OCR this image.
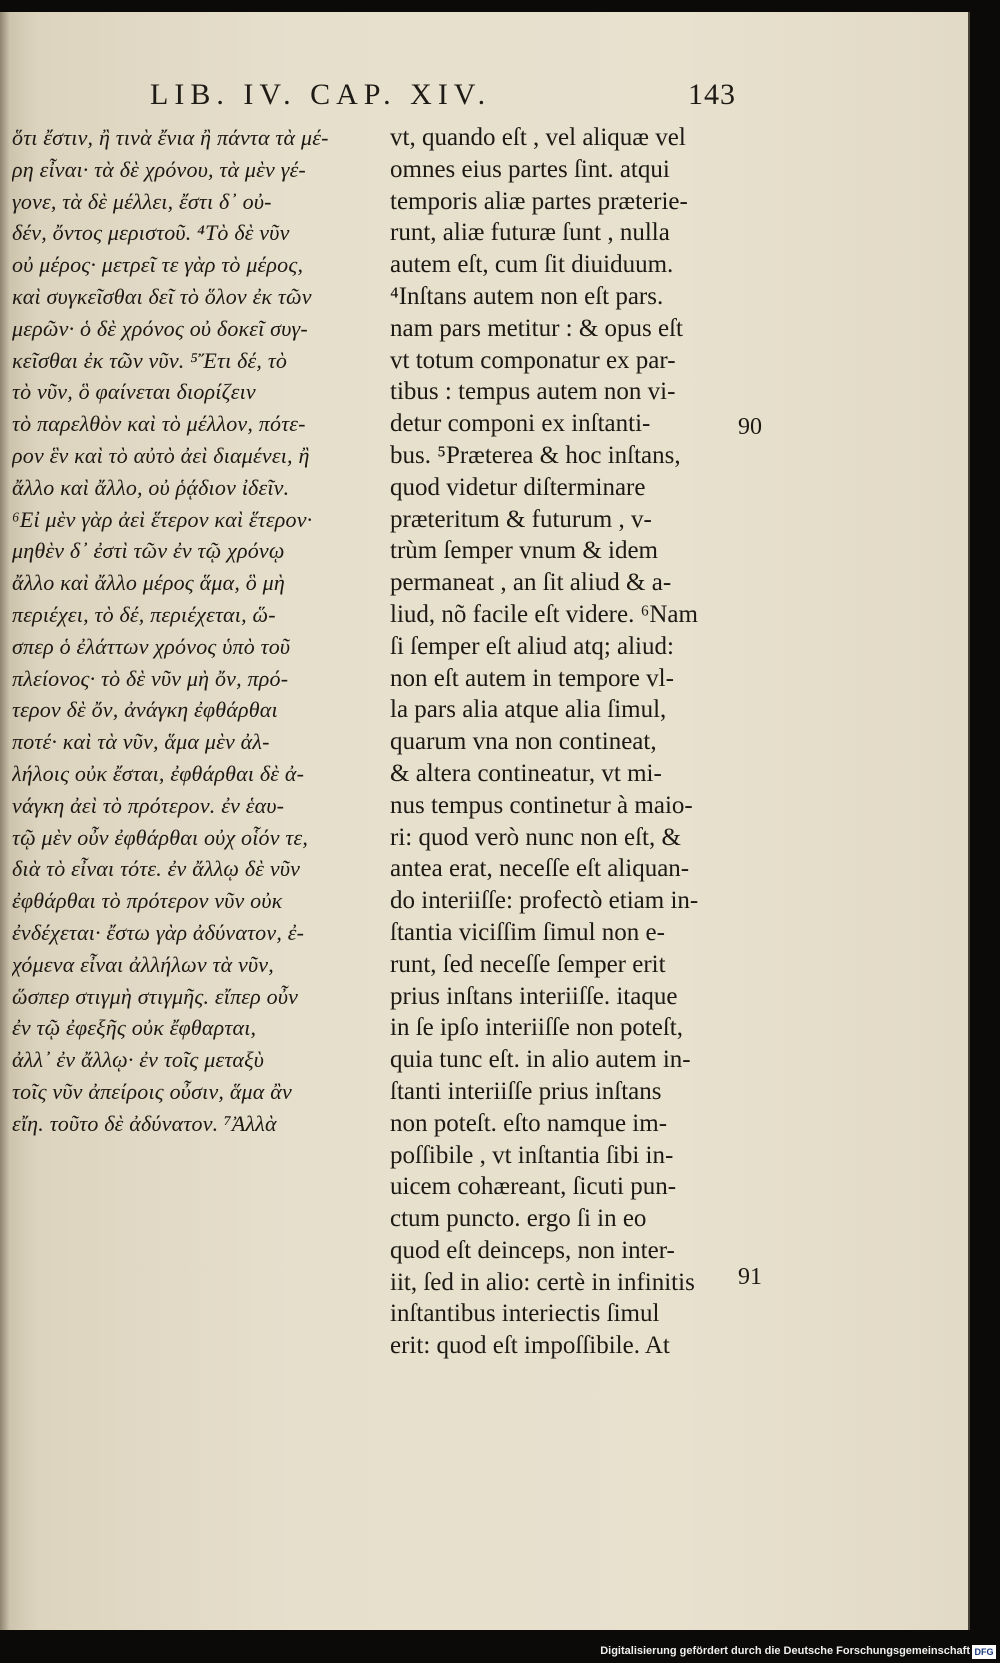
LIB. IV. CAP. XIV.	143
ὅτι ἔστιν, ἢ τινὰ ἔνια ἢ πάντα τὰ μέ-
ρη εἶναι· τὰ δὲ χρόνου, τὰ μὲν γέ-
γονε, τὰ δὲ μέλλει, ἔστι δ᾽ οὐ-
δέν, ὄντος μεριστοῦ. ⁴Τὸ δὲ νῦν
οὐ μέρος· μετρεῖ τε γὰρ τὸ μέρος,
καὶ συγκεῖσθαι δεῖ τὸ ὅλον ἐκ τῶν
μερῶν· ὁ δὲ χρόνος οὐ δοκεῖ συγ-
κεῖσθαι ἐκ τῶν νῦν. ⁵Ἔτι δέ, τὸ
τὸ νῦν, ὃ φαίνεται διορίζειν
τὸ παρελθὸν καὶ τὸ μέλλον, πότε-
ρον ἓν καὶ τὸ αὐτὸ ἀεὶ διαμένει, ἢ
ἄλλο καὶ ἄλλο, οὐ ῥᾴδιον ἰδεῖν.
⁶Εἰ μὲν γὰρ ἀεὶ ἕτερον καὶ ἕτερον·
μηθὲν δ᾽ ἐστὶ τῶν ἐν τῷ χρόνῳ
ἄλλο καὶ ἄλλο μέρος ἅμα, ὃ μὴ
περιέχει, τὸ δέ, περιέχεται, ὥ-
σπερ ὁ ἐλάττων χρόνος ὑπὸ τοῦ
πλείονος· τὸ δὲ νῦν μὴ ὄν, πρό-
τερον δὲ ὄν, ἀνάγκη ἐφθάρθαι
ποτέ· καὶ τὰ νῦν, ἅμα μὲν ἀλ-
λήλοις οὐκ ἔσται, ἐφθάρθαι δὲ ἀ-
νάγκη ἀεὶ τὸ πρότερον. ἐν ἑαυ-
τῷ μὲν οὖν ἐφθάρθαι οὐχ οἷόν τε,
διὰ τὸ εἶναι τότε. ἐν ἄλλῳ δὲ νῦν
ἐφθάρθαι τὸ πρότερον νῦν οὐκ
ἐνδέχεται· ἔστω γὰρ ἀδύνατον, ἐ-
χόμενα εἶναι ἀλλήλων τὰ νῦν,
ὥσπερ στιγμὴ στιγμῆς. εἴπερ οὖν
ἐν τῷ ἐφεξῆς οὐκ ἔφθαρται,
ἀλλ᾽ ἐν ἄλλῳ· ἐν τοῖς μεταξὺ
τοῖς νῦν ἀπείροις οὖσιν, ἅμα ἂν
εἴη. τοῦτο δὲ ἀδύνατον. ⁷Ἀλλὰ
vt, quando eſt , vel aliquæ vel
omnes eius partes ſint. atqui
temporis aliæ partes præterie-
runt, aliæ futuræ ſunt , nulla
autem eſt, cum ſit diuiduum.
⁴Inſtans autem non eſt pars.
nam pars metitur : & opus eſt
vt totum componatur ex par-
tibus : tempus autem non vi-
detur componi ex inſtanti-
bus. ⁵Præterea & hoc inſtans,
quod videtur diſterminare
præteritum & futurum , v-
trùm ſemper vnum & idem
permaneat , an ſit aliud & a-
liud, nõ facile eſt videre. ⁶Nam
ſi ſemper eſt aliud atq; aliud:
non eſt autem in tempore vl-
la pars alia atque alia ſimul,
quarum vna non contineat,
& altera contineatur, vt mi-
nus tempus continetur à maio-
ri: quod verò nunc non eſt, &
antea erat, neceſſe eſt aliquan-
do interiiſſe: profectò etiam in-
ſtantia viciſſim ſimul non e-
runt, ſed neceſſe ſemper erit
prius inſtans interiiſſe. itaque
in ſe ipſo interiiſſe non poteſt,
quia tunc eſt. in alio autem in-
ſtanti interiiſſe prius inſtans
non poteſt. eſto namque im-
poſſibile , vt inſtantia ſibi in-
uicem cohæreant, ſicuti pun-
ctum puncto. ergo ſi in eo
quod eſt deinceps, non inter-
iit, ſed in alio: certè in infinitis
inſtantibus interiectis ſimul
erit: quod eſt impoſſibile. At
90
91
Digitalisierung gefördert durch die Deutsche Forschungsgemeinschaft DFG
